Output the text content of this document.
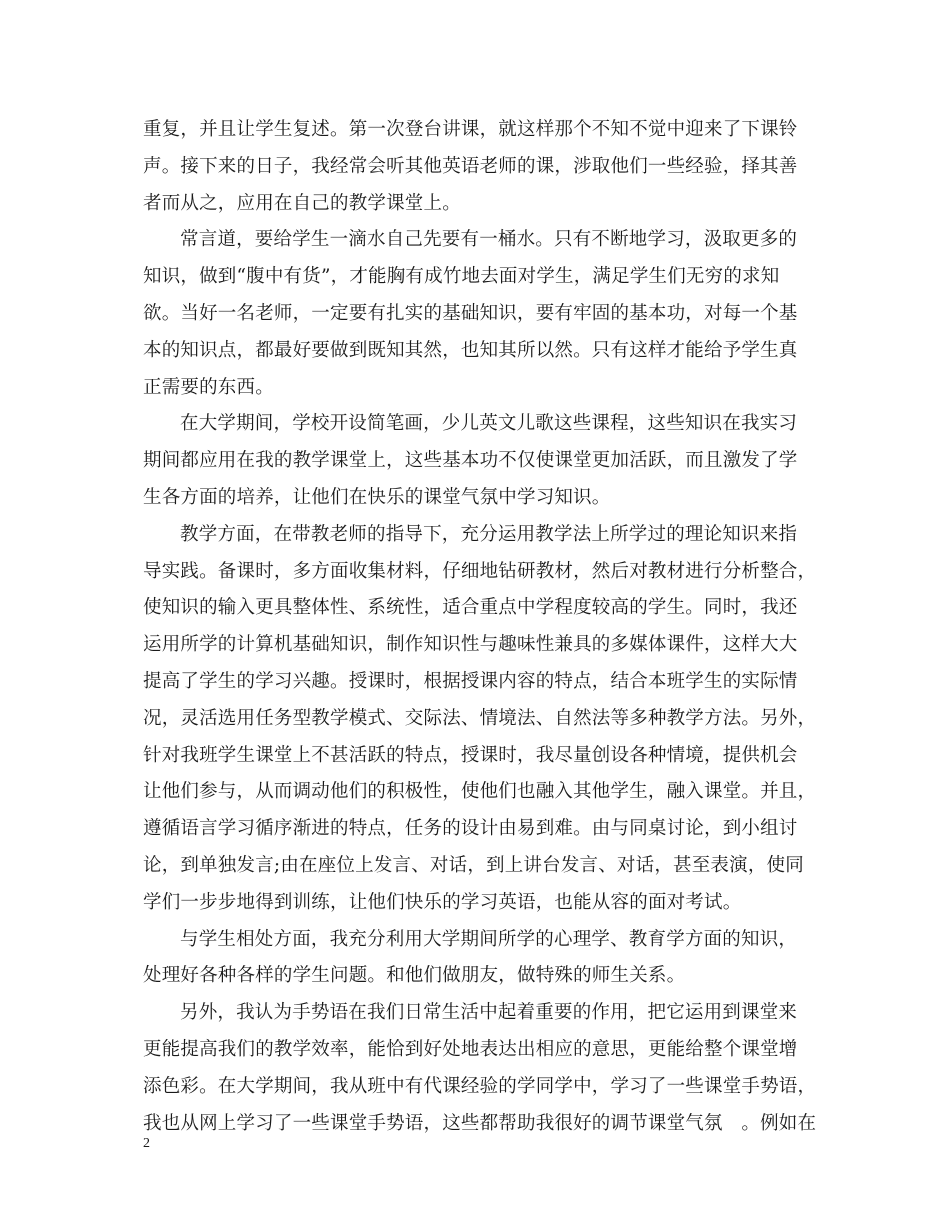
重复，并且让学生复述。第一次登台讲课，就这样那个不知不觉中迎来了下课铃
声。接下来的日子，我经常会听其他英语老师的课，涉取他们一些经验，择其善
者而从之，应用在自己的教学课堂上。
常言道，要给学生一滴水自己先要有一桶水。只有不断地学习，汲取更多的
知识，做到“腹中有货”，才能胸有成竹地去面对学生，满足学生们无穷的求知
欲。当好一名老师，一定要有扎实的基础知识，要有牢固的基本功，对每一个基
本的知识点，都最好要做到既知其然，也知其所以然。只有这样才能给予学生真
正需要的东西。
在大学期间，学校开设简笔画，少儿英文儿歌这些课程，这些知识在我实习
期间都应用在我的教学课堂上，这些基本功不仅使课堂更加活跃，而且激发了学
生各方面的培养，让他们在快乐的课堂气氛中学习知识。
教学方面，在带教老师的指导下，充分运用教学法上所学过的理论知识来指
导实践。备课时，多方面收集材料，仔细地钻研教材，然后对教材进行分析整合，
使知识的输入更具整体性、系统性，适合重点中学程度较高的学生。同时，我还
运用所学的计算机基础知识，制作知识性与趣味性兼具的多媒体课件，这样大大
提高了学生的学习兴趣。授课时，根据授课内容的特点，结合本班学生的实际情
况，灵活选用任务型教学模式、交际法、情境法、自然法等多种教学方法。另外，
针对我班学生课堂上不甚活跃的特点，授课时，我尽量创设各种情境，提供机会
让他们参与，从而调动他们的积极性，使他们也融入其他学生，融入课堂。并且，
遵循语言学习循序渐进的特点，任务的设计由易到难。由与同桌讨论，到小组讨
论，到单独发言;由在座位上发言、对话，到上讲台发言、对话，甚至表演，使同
学们一步步地得到训练，让他们快乐的学习英语，也能从容的面对考试。
与学生相处方面，我充分利用大学期间所学的心理学、教育学方面的知识，
处理好各种各样的学生问题。和他们做朋友，做特殊的师生关系。
另外，我认为手势语在我们日常生活中起着重要的作用，把它运用到课堂来
更能提高我们的教学效率，能恰到好处地表达出相应的意思，更能给整个课堂增
添色彩。在大学期间，我从班中有代课经验的学同学中，学习了一些课堂手势语，
我也从网上学习了一些课堂手势语，这些都帮助我很好的调节课堂气氛　。例如在
2
